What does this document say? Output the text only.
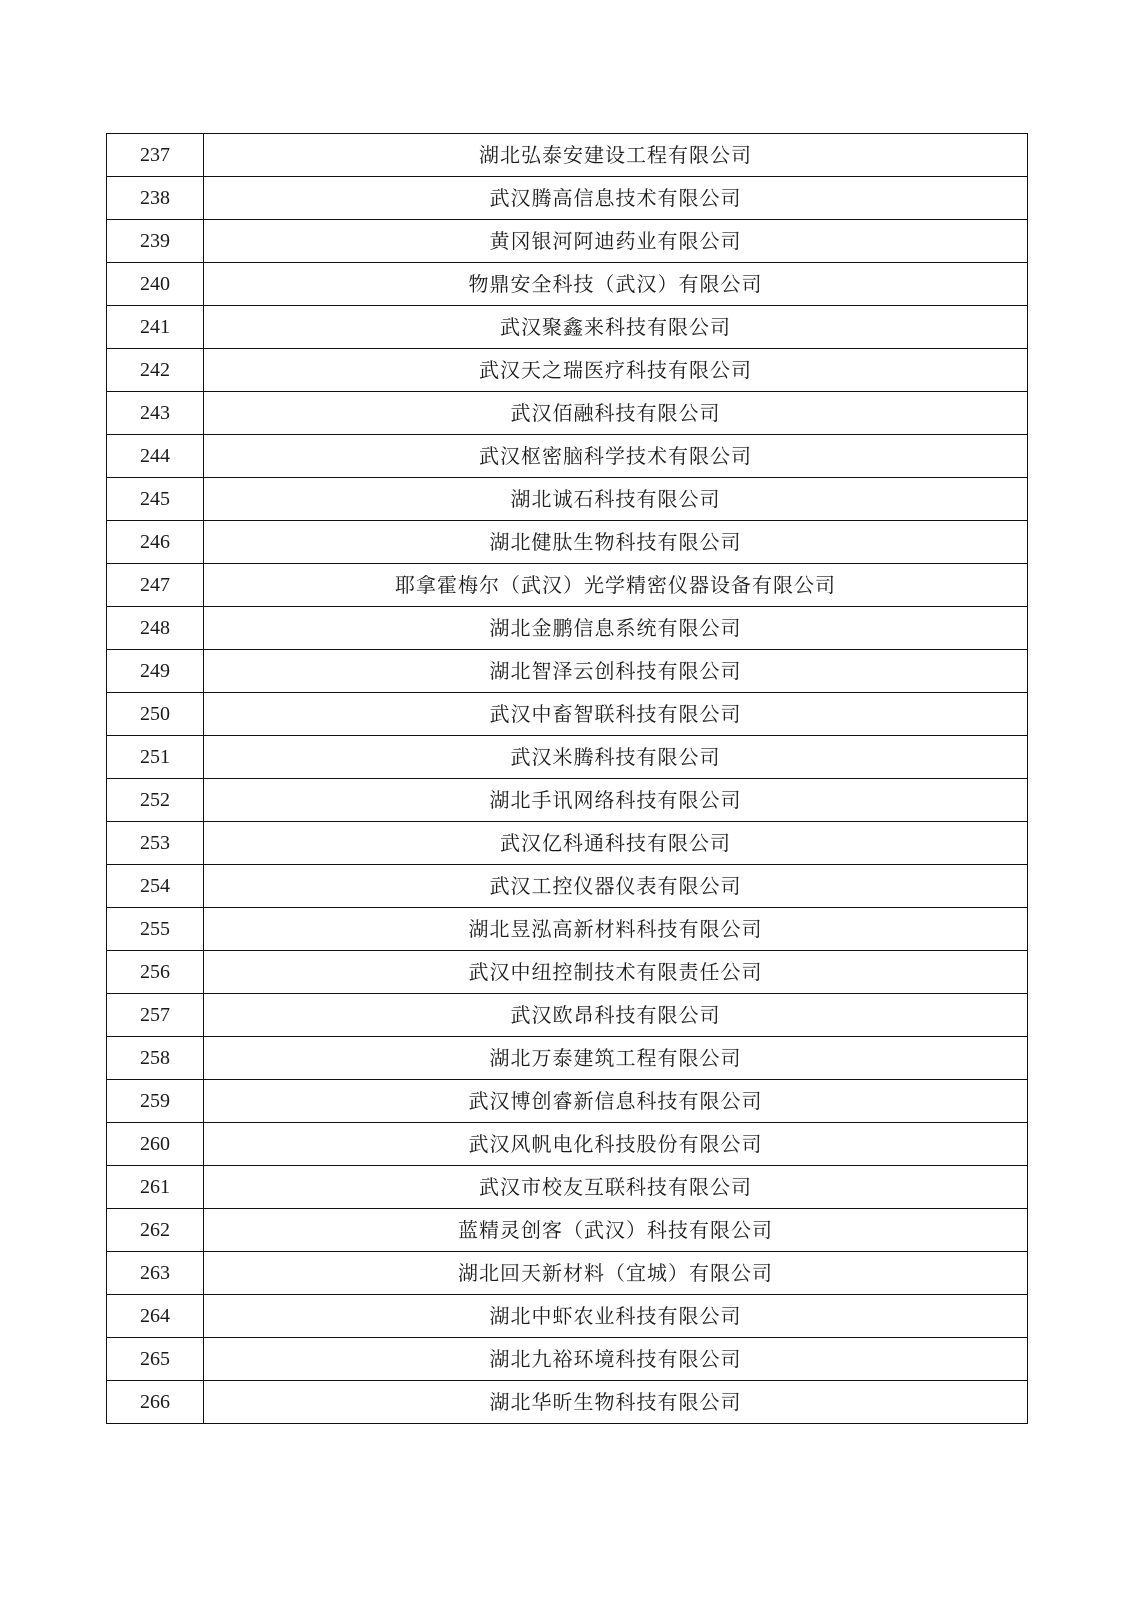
237	湖北弘泰安建设工程有限公司
238	武汉腾高信息技术有限公司
239	黄冈银河阿迪药业有限公司
240	物鼎安全科技（武汉）有限公司
241	武汉聚鑫来科技有限公司
242	武汉天之瑞医疗科技有限公司
243	武汉佰融科技有限公司
244	武汉枢密脑科学技术有限公司
245	湖北诚石科技有限公司
246	湖北健肽生物科技有限公司
247	耶拿霍梅尔（武汉）光学精密仪器设备有限公司
248	湖北金鹏信息系统有限公司
249	湖北智泽云创科技有限公司
250	武汉中畜智联科技有限公司
251	武汉米腾科技有限公司
252	湖北手讯网络科技有限公司
253	武汉亿科通科技有限公司
254	武汉工控仪器仪表有限公司
255	湖北昱泓高新材料科技有限公司
256	武汉中纽控制技术有限责任公司
257	武汉欧昂科技有限公司
258	湖北万泰建筑工程有限公司
259	武汉博创睿新信息科技有限公司
260	武汉风帆电化科技股份有限公司
261	武汉市校友互联科技有限公司
262	蓝精灵创客（武汉）科技有限公司
263	湖北回天新材料（宜城）有限公司
264	湖北中虾农业科技有限公司
265	湖北九裕环境科技有限公司
266	湖北华昕生物科技有限公司
